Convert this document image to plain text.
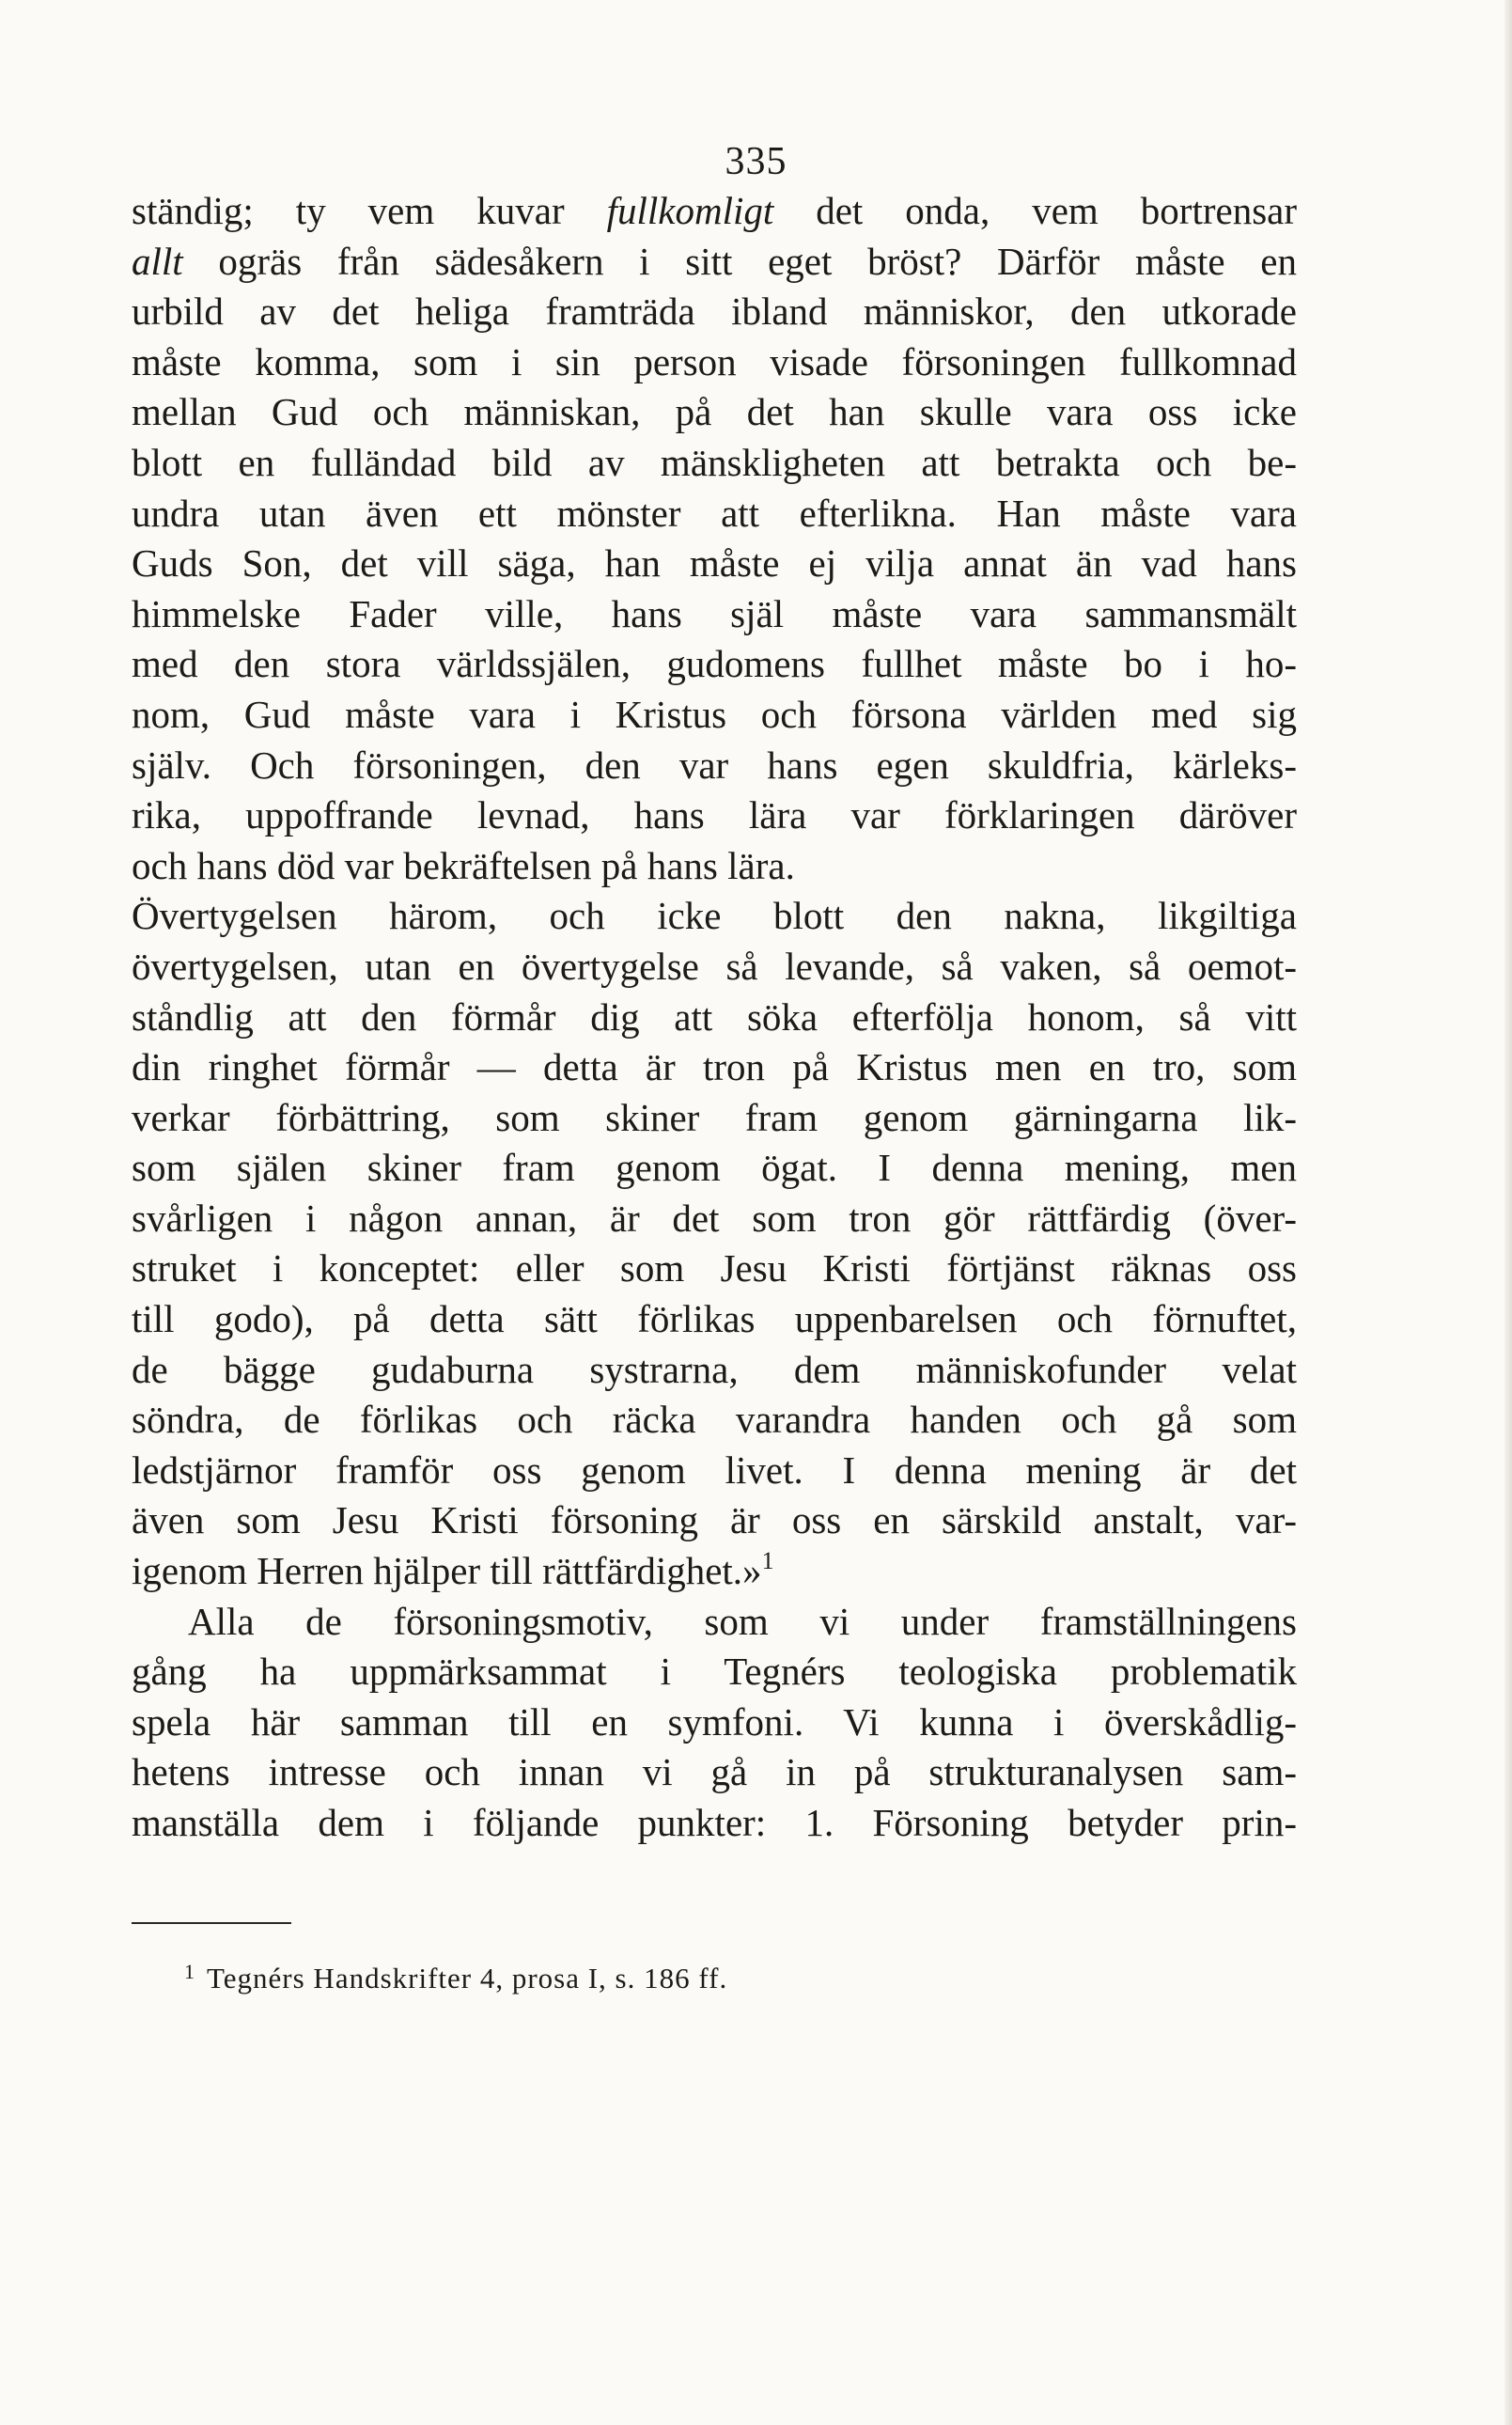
335
ständig; ty vem kuvar fullkomligt det onda, vem bortrensar
allt ogräs från sädesåkern i sitt eget bröst? Därför måste en
urbild av det heliga framträda ibland människor, den utkorade
måste komma, som i sin person visade försoningen fullkomnad
mellan Gud och människan, på det han skulle vara oss icke
blott en fulländad bild av mänskligheten att betrakta och be-
undra utan även ett mönster att efterlikna. Han måste vara
Guds Son, det vill säga, han måste ej vilja annat än vad hans
himmelske Fader ville, hans själ måste vara sammansmält
med den stora världssjälen, gudomens fullhet måste bo i ho-
nom, Gud måste vara i Kristus och försona världen med sig
själv. Och försoningen, den var hans egen skuldfria, kärleks-
rika, uppoffrande levnad, hans lära var förklaringen däröver
och hans död var bekräftelsen på hans lära.
Övertygelsen härom, och icke blott den nakna, likgiltiga
övertygelsen, utan en övertygelse så levande, så vaken, så oemot-
ståndlig att den förmår dig att söka efterfölja honom, så vitt
din ringhet förmår — detta är tron på Kristus men en tro, som
verkar förbättring, som skiner fram genom gärningarna lik-
som själen skiner fram genom ögat. I denna mening, men
svårligen i någon annan, är det som tron gör rättfärdig (över-
struket i konceptet: eller som Jesu Kristi förtjänst räknas oss
till godo), på detta sätt förlikas uppenbarelsen och förnuftet,
de bägge gudaburna systrarna, dem människofunder velat
söndra, de förlikas och räcka varandra handen och gå som
ledstjärnor framför oss genom livet. I denna mening är det
även som Jesu Kristi försoning är oss en särskild anstalt, var-
igenom Herren hjälper till rättfärdighet.»$^1$
Alla de försoningsmotiv, som vi under framställningens
gång ha uppmärksammat i Tegnérs teologiska problematik
spela här samman till en symfoni. Vi kunna i överskådlig-
hetens intresse och innan vi gå in på strukturanalysen sam-
manställa dem i följande punkter: 1. Försoning betyder prin-
$^1$ Tegnérs Handskrifter 4, prosa I, s. 186 ff.
